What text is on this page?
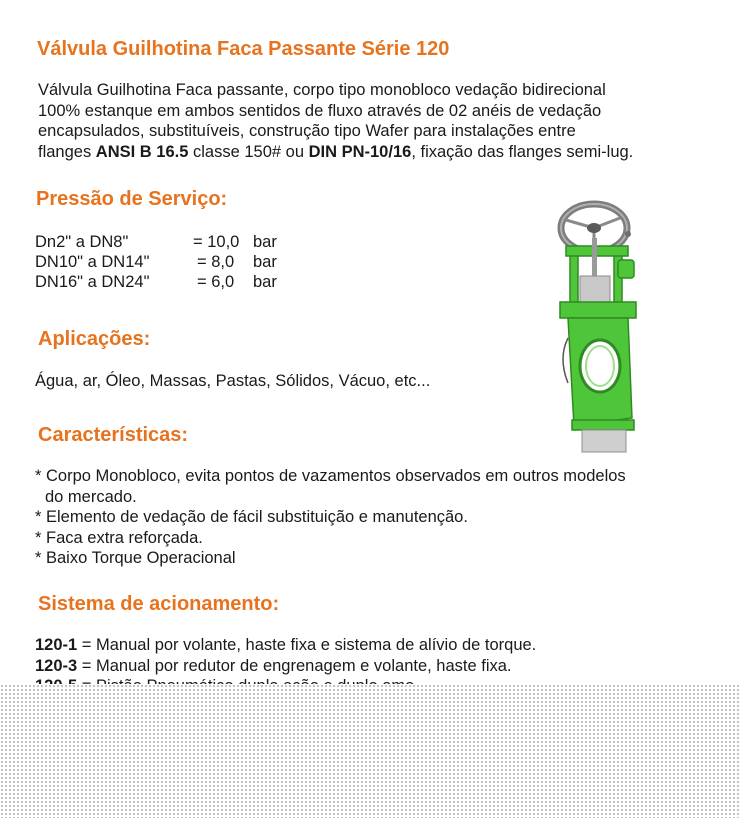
Válvula Guilhotina Faca Passante Série 120
Válvula Guilhotina Faca passante, corpo tipo monobloco vedação bidirecional
100% estanque em ambos sentidos de fluxo através de 02 anéis de vedação
encapsulados, substituíveis, construção tipo Wafer para instalações entre
flanges ANSI B 16.5 classe 150# ou DIN PN-10/16, fixação das flanges semi-lug.
Pressão de Serviço:
Dn2" a DN8"	= 10,0 bar
DN10" a DN14"	= 8,0	bar
DN16" a DN24"	= 6,0	bar
Aplicações:

Água, ar, Óleo, Massas, Pastas, Sólidos, Vácuo, etc...

Características:
* Corpo Monobloco, evita pontos de vazamentos observados em outros modelos
do mercado.
* Elemento de vedação de fácil substituição e manutenção.
* Faca extra reforçada.
* Baixo Torque Operacional
Sistema de acionamento:
120-1 = Manual por volante, haste fixa e sistema de alívio de torque.
120-3 = Manual por redutor de engrenagem e volante, haste fixa.
